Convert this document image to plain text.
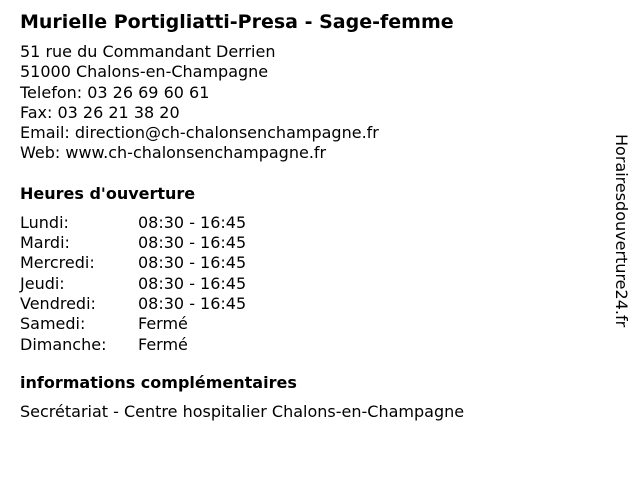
Murielle Portigliatti-Presa - Sage-femme
51 rue du Commandant Derrien
51000 Chalons-en-Champagne
Telefon: 03 26 69 60 61
Fax: 03 26 21 38 20
Email: direction@ch-chalonsenchampagne.fr
Web: www.ch-chalonsenchampagne.fr
Heures d'ouverture
Lundi:	08:30 - 16:45
Mardi:	08:30 - 16:45
Mercredi:	08:30 - 16:45
Jeudi:	08:30 - 16:45
Vendredi:	08:30 - 16:45
Samedi:	Fermé
Dimanche:	Fermé
informations complémentaires
Secrétariat - Centre hospitalier Chalons-en-Champagne
Horairesdouverture24.fr
